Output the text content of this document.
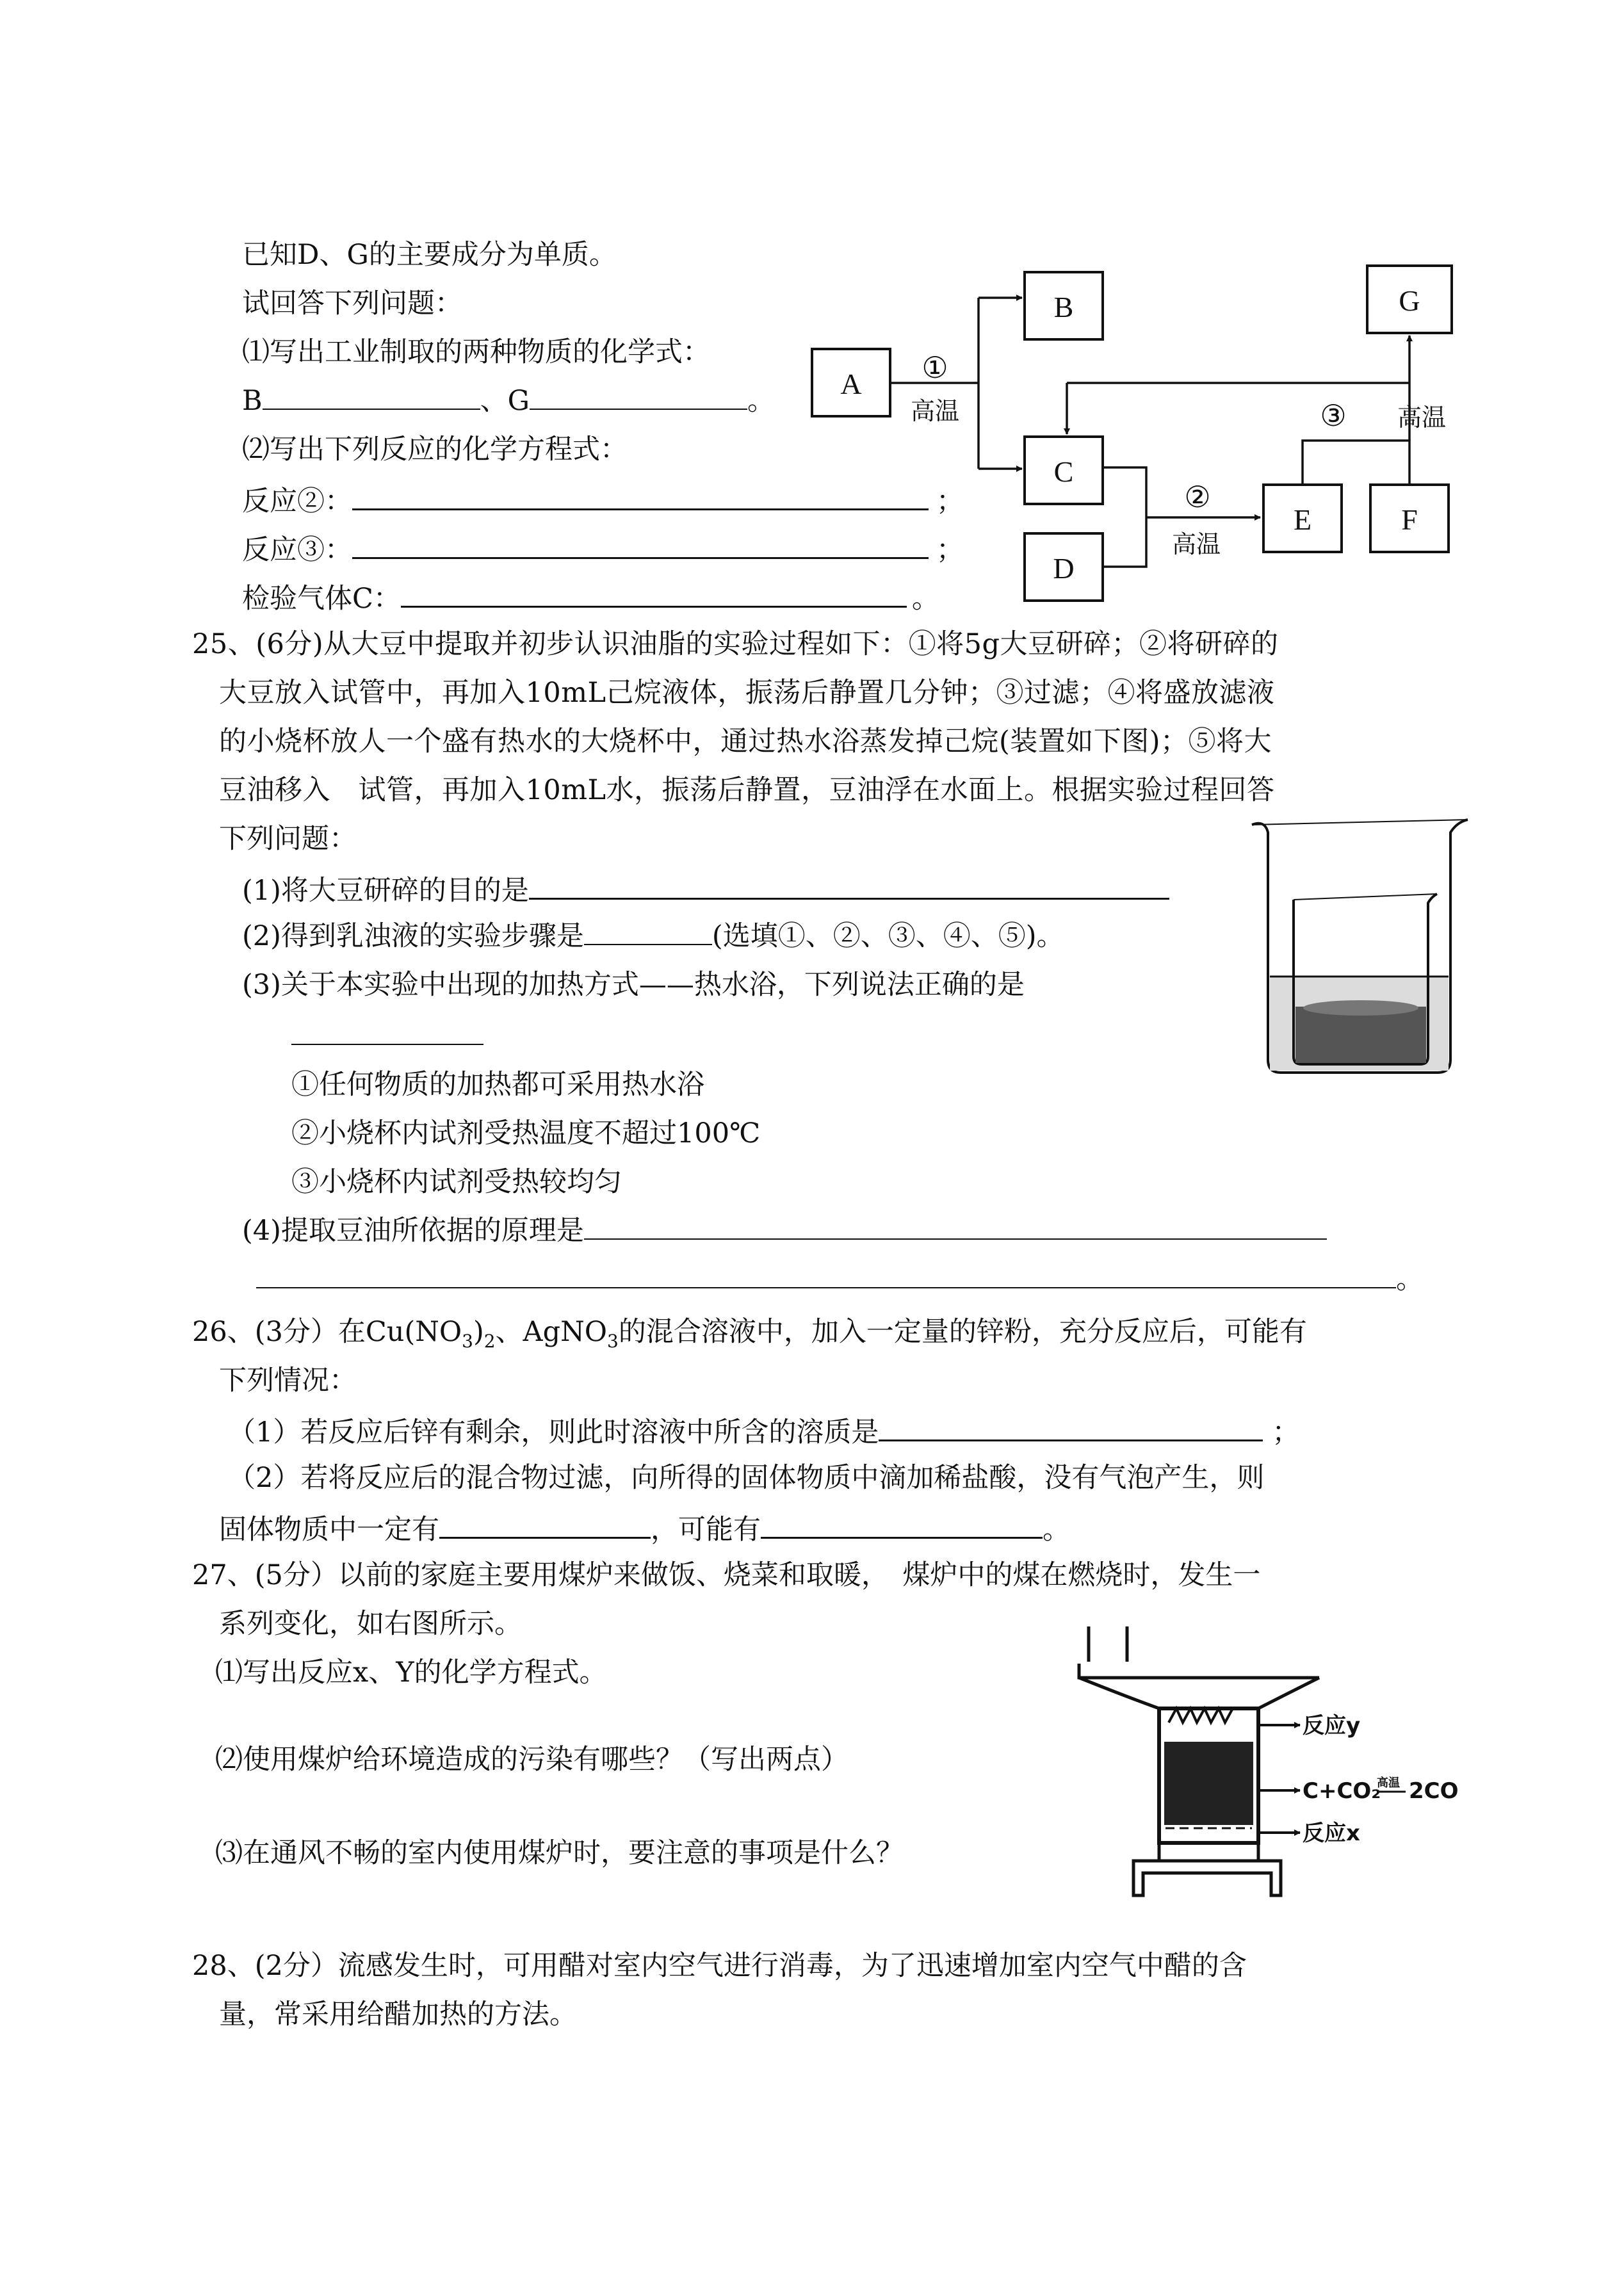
已知D、G的主要成分为单质。
试回答下列问题：
⑴写出工业制取的两种物质的化学式：
B	、G	。
⑵写出下列反应的化学方程式：
反应②：	；
反应③：	；
检验气体C：	。
A
B
C
D
E	F
G
①
高温
②
高温
③ 高温
反应y
C+CO₂
高温 2CO
反应x
25、(6分)从大豆中提取并初步认识油脂的实验过程如下：①将5g大豆研碎；②将研碎的
大豆放入试管中，再加入10mL己烷液体，振荡后静置几分钟；③过滤；④将盛放滤液
的小烧杯放人一个盛有热水的大烧杯中，通过热水浴蒸发掉己烷(装置如下图)；⑤将大
豆油移入　试管，再加入10mL水，振荡后静置，豆油浮在水面上。根据实验过程回答
下列问题：
(1)将大豆研碎的目的是
(2)得到乳浊液的实验步骤是	(选填①、②、③、④、⑤)。
(3)关于本实验中出现的加热方式——热水浴，下列说法正确的是
①任何物质的加热都可采用热水浴
②小烧杯内试剂受热温度不超过100℃
③小烧杯内试剂受热较均匀
(4)提取豆油所依据的原理是
。
26、(3分）在$Cu(NO_3)_2$、AgNO$_3$的混合溶液中，加入一定量的锌粉，充分反应后，可能有
下列情况：
（1）若反应后锌有剩余，则此时溶液中所含的溶质是	；
（2）若将反应后的混合物过滤，向所得的固体物质中滴加稀盐酸，没有气泡产生，则
固体物质中一定有	，可能有	。
27、(5分）以前的家庭主要用煤炉来做饭、烧菜和取暖，　煤炉中的煤在燃烧时，发生一
系列变化，如右图所示。
⑴写出反应x、Y的化学方程式。
⑵使用煤炉给环境造成的污染有哪些？（写出两点）
⑶在通风不畅的室内使用煤炉时，要注意的事项是什么？
28、(2分）流感发生时，可用醋对室内空气进行消毒，为了迅速增加室内空气中醋的含
量，常采用给醋加热的方法。
